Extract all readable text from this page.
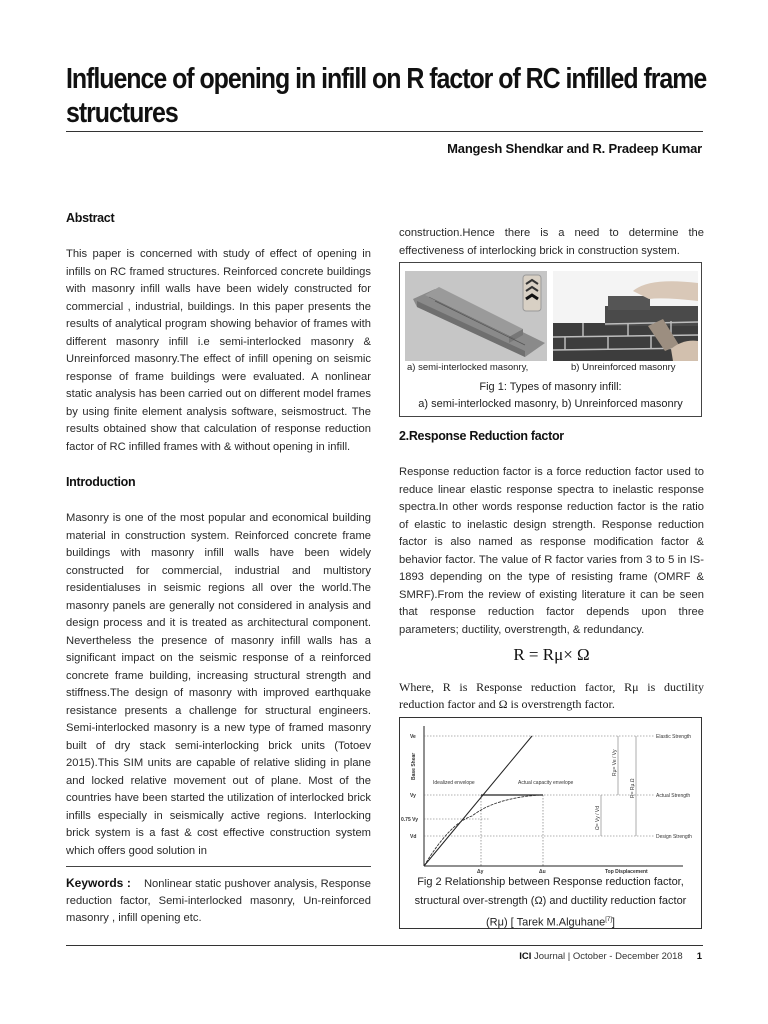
Influence of opening in infill on R factor of RC infilled frame structures
Mangesh Shendkar and R. Pradeep Kumar
Abstract

This paper is concerned with study of effect of opening in infills on RC framed structures. Reinforced concrete buildings with masonry infill walls have been widely constructed for commercial , industrial, buildings. In this paper presents the results of analytical program showing behavior of frames with different masonry infill i.e semi-interlocked masonry & Unreinforced masonry.The effect of infill opening on seismic response of frame buildings were evaluated. A nonlinear static analysis has been carried out on different model frames by using finite element analysis software, seismostruct. The results obtained show that calculation of response reduction factor of RC infilled frames with & without opening in infill.

Introduction

Masonry is one of the most popular and economical building material in construction system. Reinforced concrete frame buildings with masonry infill walls have been widely constructed for commercial, industrial and multistory residentialuses in seismic regions all over the world.The masonry panels are generally not considered in analysis and design process and it is treated as architectural component. Nevertheless the presence of masonry infill walls has a significant impact on the seismic response of a reinforced concrete frame building, increasing structural strength and stiffness.The design of masonry with improved earthquake resistance presents a challenge for structural engineers. Semi-interlocked masonry is a new type of framed masonry built of dry stack semi-interlocking brick units (Totoev 2015).This SIM units are capable of relative sliding in plane and locked relative movement out of plane. Most of the countries have been started the utilization of interlocked brick infills especially in seismically active regions. Interlocking brick system is a fast & cost effective construction system which offers good solution in

Keywords : Nonlinear static pushover analysis, Response reduction factor, Semi-interlocked masonry, Un-reinforced masonry , infill opening etc.

construction.Hence there is a need to determine the effectiveness of interlocking brick in construction system.

a) semi-interlocked masonry,	b) Unreinforced masonry
Fig 1: Types of masonry infill:
a) semi-interlocked masonry, b) Unreinforced masonry
2.Response Reduction factor

Response reduction factor is a force reduction factor used to reduce linear elastic response spectra to inelastic response spectra.In other words response reduction factor is the ratio of elastic to inelastic design strength. Response reduction factor is also named as response modification factor & behavior factor. The value of R factor varies from 3 to 5 in IS-1893 depending on the type of resisting frame (OMRF & SMRF).From the review of existing literature it can be seen that response reduction factor depends upon three parameters; ductility, overstrength, & redundancy.

R = Rμ× Ω

Where, R is Response reduction factor, Rμ is ductility reduction factor and Ω is overstrength factor.

Ve
Vy
0.75 Vy
Vd
Base Shear
Δy	Δu	Top Displacement
Idealized envelope	Actual capacity envelope
Rμ= Ve / Vy
R= Rμ.Ω
Ω= Vy / Vd
Elastic Strength
Actual Strength
Design Strength
Fig 2 Relationship between Response reduction factor,
structural over-strength (Ω) and ductility reduction factor
(Rμ) [ Tarek M.Alguhane[7]]
ICI Journal | October - December 2018 1
